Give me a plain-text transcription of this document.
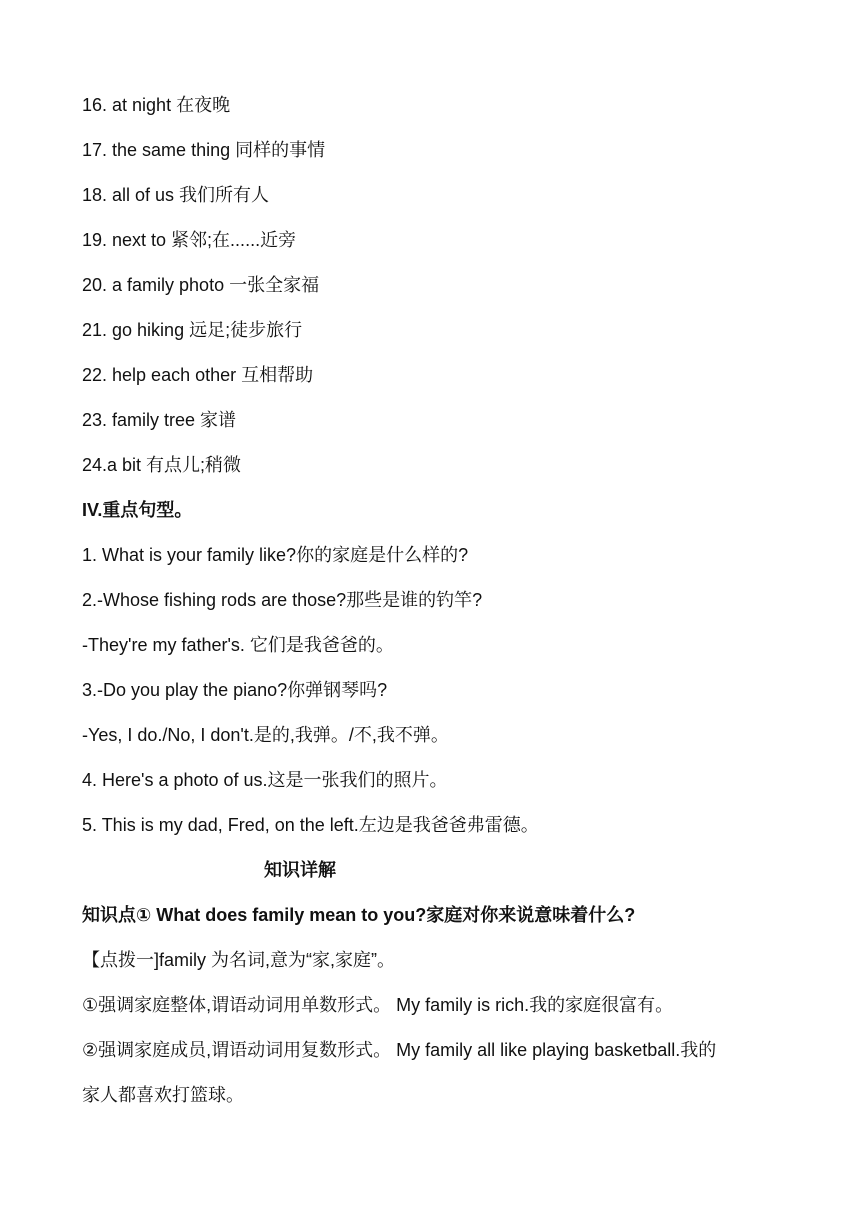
16. at night 在夜晚
17. the same thing 同样的事情
18. all of us 我们所有人
19. next to 紧邻;在......近旁
20. a family photo 一张全家福
21. go hiking 远足;徒步旅行
22. help each other 互相帮助
23. family tree 家谱
24.a bit 有点儿;稍微
IV.重点句型。
1. What is your family like?你的家庭是什么样的?
2.-Whose fishing rods are those?那些是谁的钓竿?
-They're my father's. 它们是我爸爸的。
3.-Do you play the piano?你弹钢琴吗?
-Yes, I do./No, I don't.是的,我弹。/不,我不弹。
4. Here's a photo of us.这是一张我们的照片。
5. This is my dad, Fred, on the left.左边是我爸爸弗雷德。
知识详解
知识点① What does family mean to you?家庭对你来说意味着什么?
【点拨一]family 为名词,意为“家,家庭”。
①强调家庭整体,谓语动词用单数形式。 My family is rich.我的家庭很富有。
②强调家庭成员,谓语动词用复数形式。 My family all like playing basketball.我的
家人都喜欢打篮球。
